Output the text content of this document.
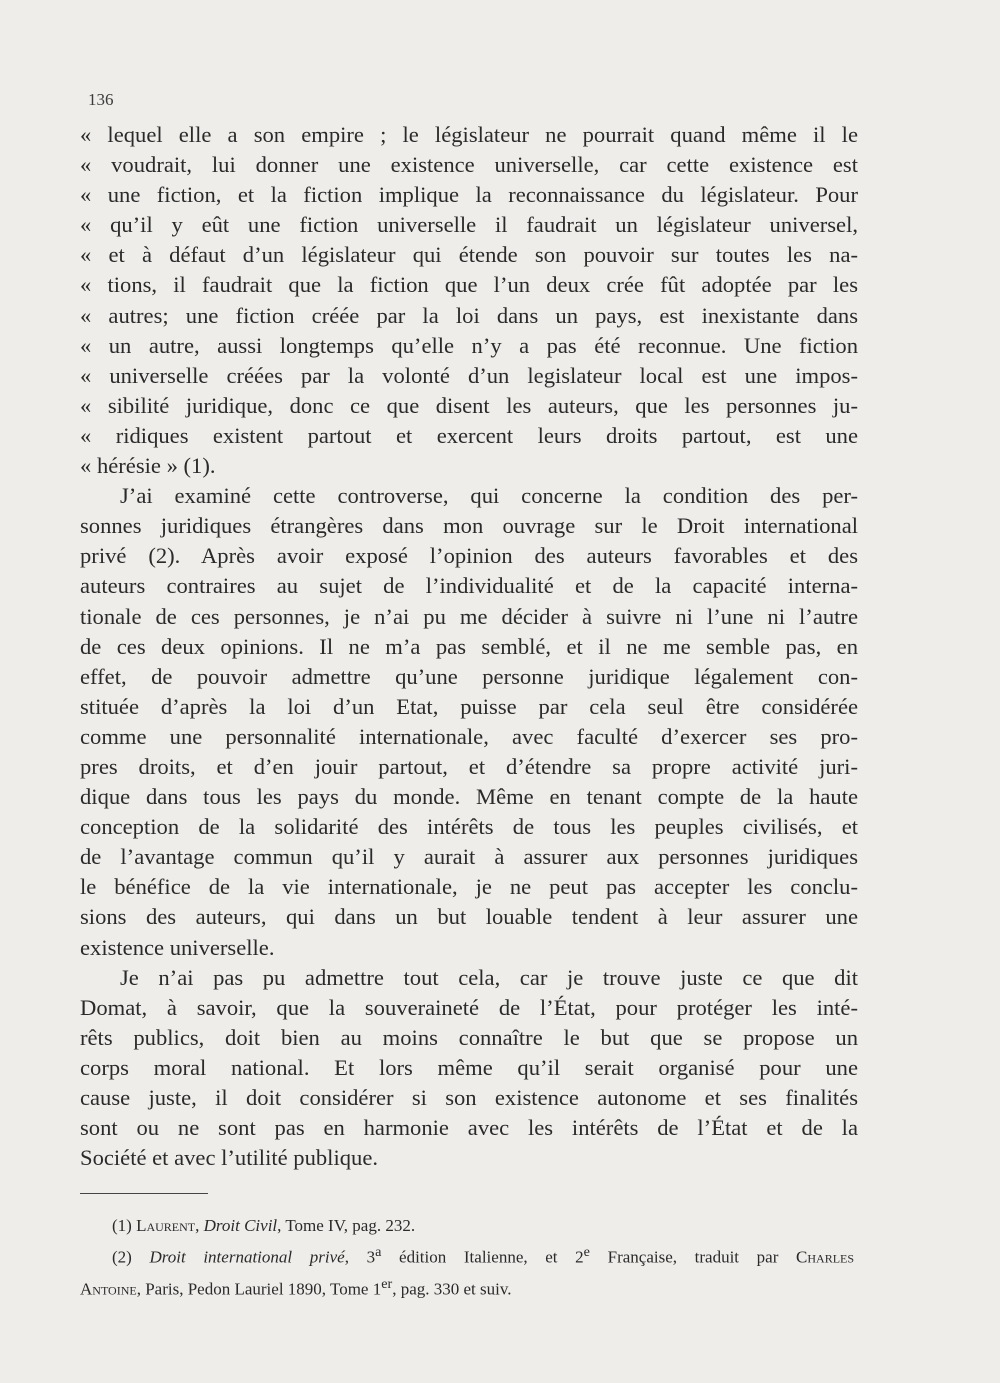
136
« lequel elle a son empire ; le législateur ne pourrait quand même il le
« voudrait, lui donner une existence universelle, car cette existence est
« une fiction, et la fiction implique la reconnaissance du législateur. Pour
« qu’il y eût une fiction universelle il faudrait un législateur universel,
« et à défaut d’un législateur qui étende son pouvoir sur toutes les na-
« tions, il faudrait que la fiction que l’un deux crée fût adoptée par les
« autres; une fiction créée par la loi dans un pays, est inexistante dans
« un autre, aussi longtemps qu’elle n’y a pas été reconnue. Une fiction
« universelle créées par la volonté d’un legislateur local est une impos-
« sibilité juridique, donc ce que disent les auteurs, que les personnes ju-
« ridiques existent partout et exercent leurs droits partout, est une
« hérésie » (1).
J’ai examiné cette controverse, qui concerne la condition des per-
sonnes juridiques étrangères dans mon ouvrage sur le Droit international
privé (2). Après avoir exposé l’opinion des auteurs favorables et des
auteurs contraires au sujet de l’individualité et de la capacité interna-
tionale de ces personnes, je n’ai pu me décider à suivre ni l’une ni l’autre
de ces deux opinions. Il ne m’a pas semblé, et il ne me semble pas, en
effet, de pouvoir admettre qu’une personne juridique légalement con-
stituée d’après la loi d’un Etat, puisse par cela seul être considérée
comme une personnalité internationale, avec faculté d’exercer ses pro-
pres droits, et d’en jouir partout, et d’étendre sa propre activité juri-
dique dans tous les pays du monde. Même en tenant compte de la haute
conception de la solidarité des intérêts de tous les peuples civilisés, et
de l’avantage commun qu’il y aurait à assurer aux personnes juridiques
le bénéfice de la vie internationale, je ne peut pas accepter les conclu-
sions des auteurs, qui dans un but louable tendent à leur assurer une
existence universelle.
Je n’ai pas pu admettre tout cela, car je trouve juste ce que dit
Domat, à savoir, que la souveraineté de l’État, pour protéger les inté-
rêts publics, doit bien au moins connaître le but que se propose un
corps moral national. Et lors même qu’il serait organisé pour une
cause juste, il doit considérer si son existence autonome et ses finalités
sont ou ne sont pas en harmonie avec les intérêts de l’État et de la
Société et avec l’utilité publique.
(1) Laurent, Droit Civil, Tome IV, pag. 232.
(2) Droit international privé, 3$^a$ édition Italienne, et 2e Française, traduit par Charles
Antoine, Paris, Pedon Lauriel 1890, Tome 1er, pag. 330 et suiv.
